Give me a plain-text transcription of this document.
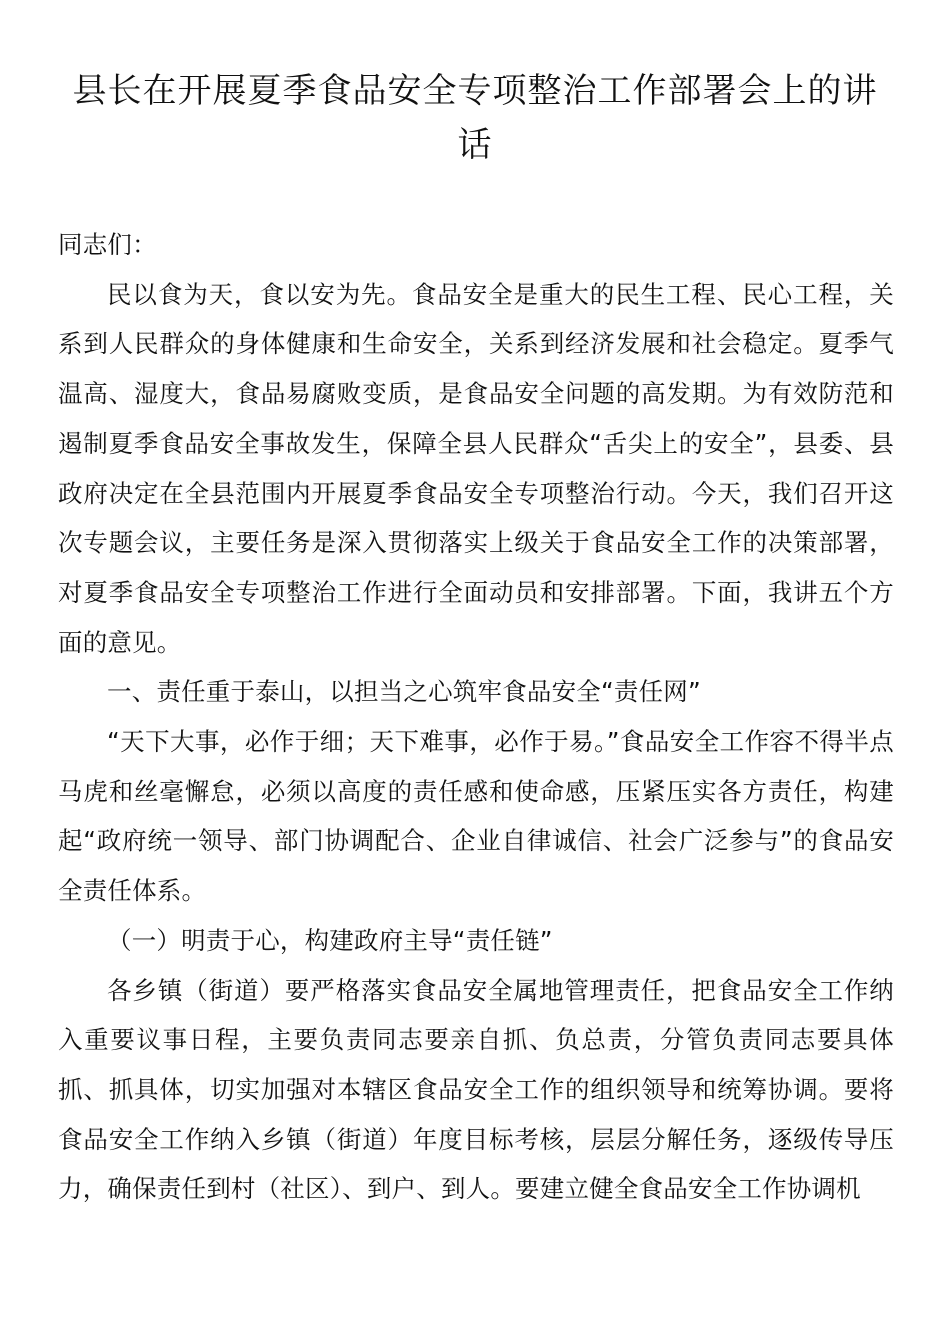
县长在开展夏季食品安全专项整治工作部署会上的讲话

同志们：

民以食为天，食以安为先。食品安全是重大的民生工程、民心工程，关系到人民群众的身体健康和生命安全，关系到经济发展和社会稳定。夏季气温高、湿度大，食品易腐败变质，是食品安全问题的高发期。为有效防范和遏制夏季食品安全事故发生，保障全县人民群众“舌尖上的安全”，县委、县政府决定在全县范围内开展夏季食品安全专项整治行动。今天，我们召开这次专题会议，主要任务是深入贯彻落实上级关于食品安全工作的决策部署，对夏季食品安全专项整治工作进行全面动员和安排部署。下面，我讲五个方面的意见。

一、责任重于泰山，以担当之心筑牢食品安全“责任网”

“天下大事，必作于细；天下难事，必作于易。”食品安全工作容不得半点马虎和丝毫懈怠，必须以高度的责任感和使命感，压紧压实各方责任，构建起“政府统一领导、部门协调配合、企业自律诚信、社会广泛参与”的食品安全责任体系。

（一）明责于心，构建政府主导“责任链”

各乡镇（街道）要严格落实食品安全属地管理责任，把食品安全工作纳入重要议事日程，主要负责同志要亲自抓、负总责，分管负责同志要具体抓、抓具体，切实加强对本辖区食品安全工作的组织领导和统筹协调。要将食品安全工作纳入乡镇（街道）年度目标考核，层层分解任务，逐级传导压力，确保责任到村（社区）、到户、到人。要建立健全食品安全工作协调机
